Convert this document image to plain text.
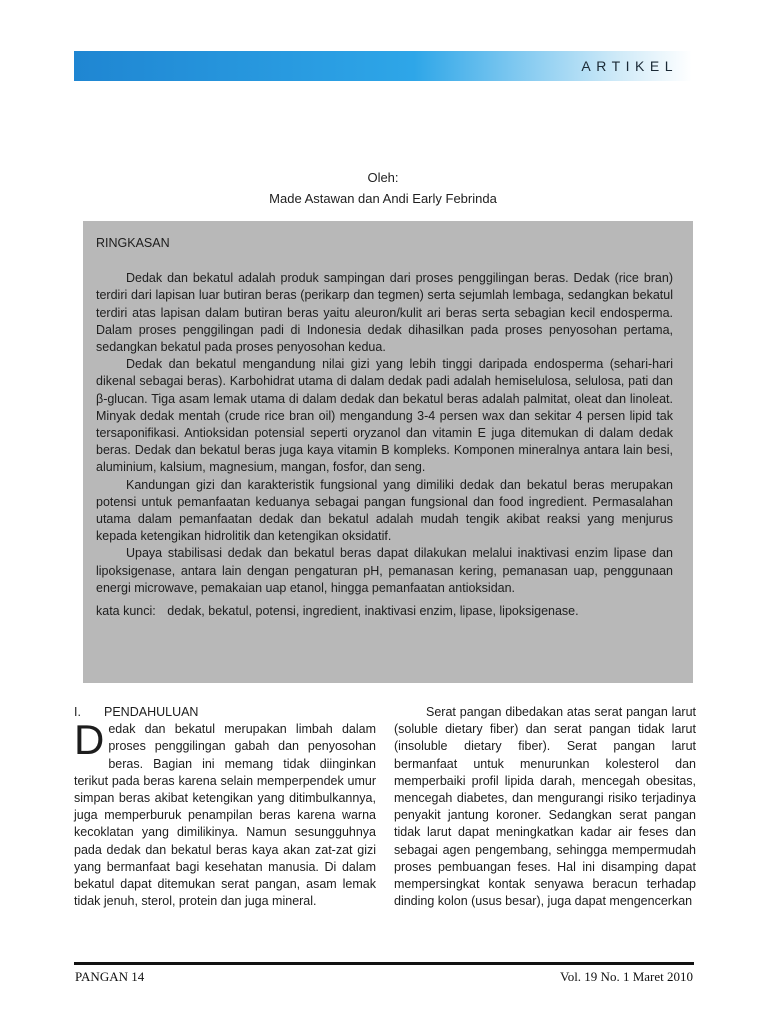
ARTIKEL
Oleh:
Made Astawan dan Andi Early Febrinda
RINGKASAN

Dedak dan bekatul adalah produk sampingan dari proses penggilingan beras. Dedak (rice bran) terdiri dari lapisan luar butiran beras (perikarp dan tegmen) serta sejumlah lembaga, sedangkan bekatul terdiri atas lapisan dalam butiran beras yaitu aleuron/kulit ari beras serta sebagian kecil endosperma. Dalam proses penggilingan padi di Indonesia dedak dihasilkan pada proses penyosohan pertama, sedangkan bekatul pada proses penyosohan kedua.

Dedak dan bekatul mengandung nilai gizi yang lebih tinggi daripada endosperma (sehari-hari dikenal sebagai beras). Karbohidrat utama di dalam dedak padi adalah hemiselulosa, selulosa, pati dan β-glucan. Tiga asam lemak utama di dalam dedak dan bekatul beras adalah palmitat, oleat dan linoleat. Minyak dedak mentah (crude rice bran oil) mengandung 3-4 persen wax dan sekitar 4 persen lipid tak tersaponifikasi. Antioksidan potensial seperti oryzanol dan vitamin E juga ditemukan di dalam dedak beras. Dedak dan bekatul beras juga kaya vitamin B kompleks. Komponen mineralnya antara lain besi, aluminium, kalsium, magnesium, mangan, fosfor, dan seng.

Kandungan gizi dan karakteristik fungsional yang dimiliki dedak dan bekatul beras merupakan potensi untuk pemanfaatan keduanya sebagai pangan fungsional dan food ingredient. Permasalahan utama dalam pemanfaatan dedak dan bekatul adalah mudah tengik akibat reaksi yang menjurus kepada ketengikan hidrolitik dan ketengikan oksidatif.

Upaya stabilisasi dedak dan bekatul beras dapat dilakukan melalui inaktivasi enzim lipase dan lipoksigenase, antara lain dengan pengaturan pH, pemanasan kering, pemanasan uap, penggunaan energi microwave, pemakaian uap etanol, hingga pemanfaatan antioksidan.

kata kunci: dedak, bekatul, potensi, ingredient, inaktivasi enzim, lipase, lipoksigenase.
I. PENDAHULUAN

Dedak dan bekatul merupakan limbah dalam proses penggilingan gabah dan penyosohan beras. Bagian ini memang tidak diinginkan terikut pada beras karena selain memperpendek umur simpan beras akibat ketengikan yang ditimbulkannya, juga memperburuk penampilan beras karena warna kecoklatan yang dimilikinya. Namun sesungguhnya pada dedak dan bekatul beras kaya akan zat-zat gizi yang bermanfaat bagi kesehatan manusia. Di dalam bekatul dapat ditemukan serat pangan, asam lemak tidak jenuh, sterol, protein dan juga mineral.

Serat pangan dibedakan atas serat pangan larut (soluble dietary fiber) dan serat pangan tidak larut (insoluble dietary fiber). Serat pangan larut bermanfaat untuk menurunkan kolesterol dan memperbaiki profil lipida darah, mencegah obesitas, mencegah diabetes, dan mengurangi risiko terjadinya penyakit jantung koroner. Sedangkan serat pangan tidak larut dapat meningkatkan kadar air feses dan sebagai agen pengembang, sehingga mempermudah proses pembuangan feses. Hal ini disamping dapat mempersingkat kontak senyawa beracun terhadap dinding kolon (usus besar), juga dapat mengencerkan

PANGAN 14	Vol. 19 No. 1 Maret 2010
